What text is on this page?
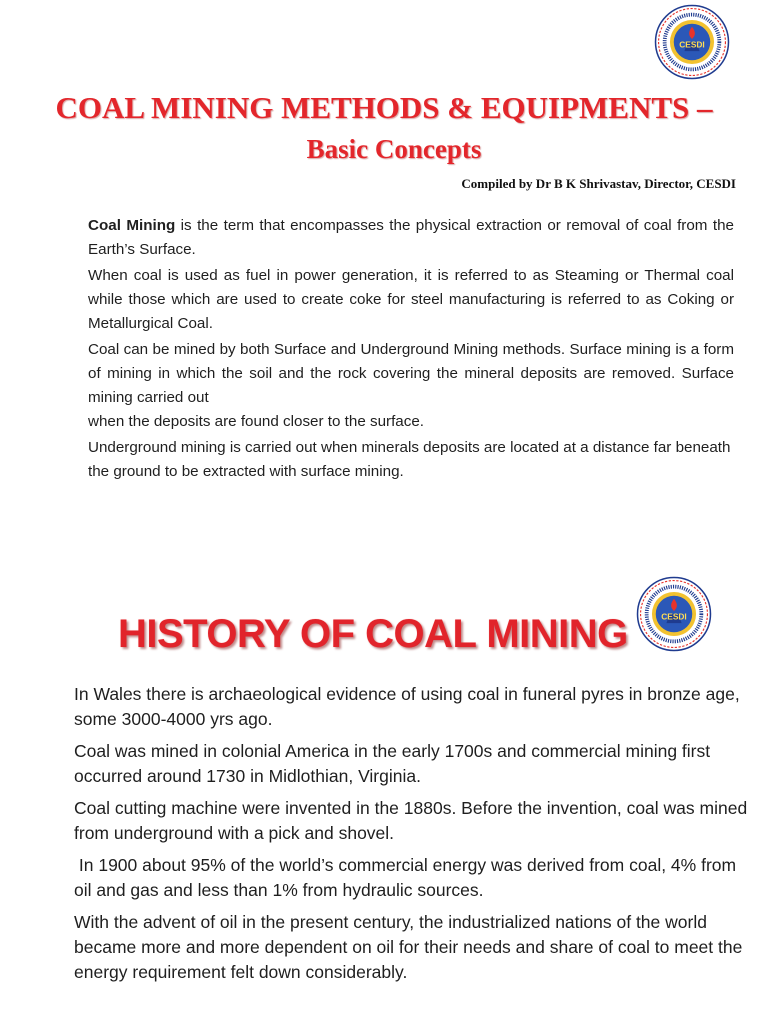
CESDI
COAL MINING METHODS & EQUIPMENTS –
Basic Concepts
Compiled by Dr B K Shrivastav, Director, CESDI

Coal Mining is the term that encompasses the physical extraction or removal of coal from the Earth’s Surface.

When coal is used as fuel in power generation, it is referred to as Steaming or Thermal coal while those which are used to create coke for steel manufacturing is referred to as Coking or Metallurgical Coal.

Coal can be mined by both Surface and Underground Mining methods. Surface mining is a form of mining in which the soil and the rock covering the mineral deposits are removed. Surface mining carried out

when the deposits are found closer to the surface.

Underground mining is carried out when minerals deposits are located at a distance far beneath the ground to be extracted with surface mining.

CESDI
HISTORY OF COAL MINING

In Wales there is archaeological evidence of using coal in funeral pyres in bronze age, some 3000-4000 yrs ago.

Coal was mined in colonial America in the early 1700s and commercial mining first occurred around 1730 in Midlothian, Virginia.

Coal cutting machine were invented in the 1880s. Before the invention, coal was mined from underground with a pick and shovel.

In 1900 about 95% of the world’s commercial energy was derived from coal, 4% from oil and gas and less than 1% from hydraulic sources.

With the advent of oil in the present century, the industrialized nations of the world became more and more dependent on oil for their needs and share of coal to meet the energy requirement felt down considerably.
